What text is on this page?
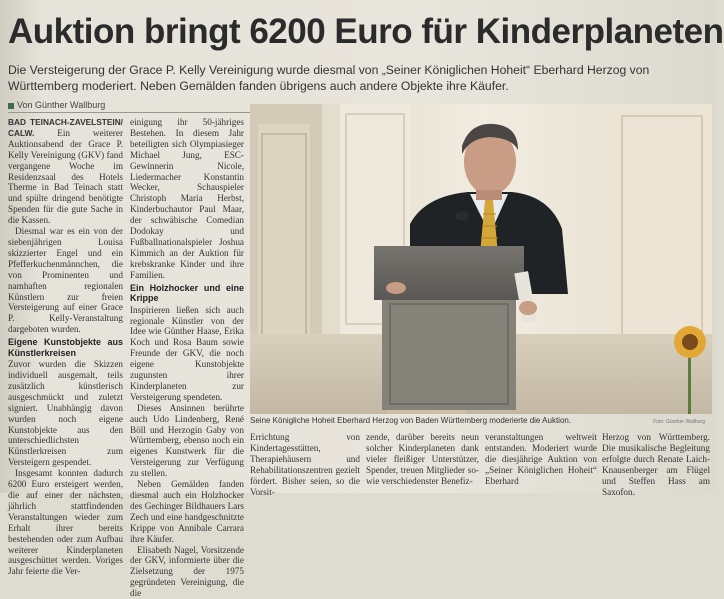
Auktion bringt 6200 Euro für Kinderplaneten
Die Versteigerung der Grace P. Kelly Vereinigung wurde diesmal von „Seiner Königlichen Hoheit“ Eberhard Herzog von Württemberg moderiert. Neben Gemälden fanden übrigens auch andere Objekte ihre Käufer.
Von Günther Wallburg

BAD TEINACH-ZAVELSTEIN/ CALW. Ein weiterer Auktionsabend der Grace P. Kelly Vereinigung (GKV) fand vergangene Woche im Residenzsaal des Hotels Therme in Bad Teinach statt und spülte dringend benötigte Spenden für die gute Sache in die Kassen.

Diesmal war es ein von der siebenjährigen Louisa skizzierter Engel und ein Pfefferkuchenmännchen, die von Prominenten und namhaften regionalen Künstlern zur freien Versteigerung auf einer Grace P. Kelly-Veranstaltung dargeboten wurden.

Eigene Kunstobjekte aus Künstlerkreisen

Zuvor wurden die Skizzen individuell ausgemalt, teils zusätzlich künstlerisch ausgeschmückt und zuletzt signiert. Unabhängig davon wurden noch eigene Kunstobjekte aus den unterschiedlichsten Künstlerkreisen zum Versteigern gespendet.

Insgesamt konnten dadurch 6200 Euro ersteigert werden, die auf einer der nächsten, jährlich stattfindenden Veranstaltungen wieder zum Erhalt ihrer bereits bestehenden oder zum Aufbau weiterer Kinderplaneten ausgeschüttet werden. Voriges Jahr feierte die Ver-

einigung ihr 50-jähriges Bestehen. In diesem Jahr beteiligten sich Olympiasieger Michael Jung, ESC-Gewinnerin Nicole, Liedermacher Konstantin Wecker, Schauspieler Christoph Maria Herbst, Kinderbuchautor Paul Maar, der schwäbische Comedian Dodokay und Fußballnationalspieler Joshua Kimmich an der Auktion für krebskranke Kinder und ihre Familien.

Ein Holzhocker und eine Krippe

Inspirieren ließen sich auch regionale Künstler von der Idee wie Günther Haase, Erika Koch und Rosa Baum sowie Freunde der GKV, die noch eigene Kunstobjekte zugunsten ihrer Kinderplaneten zur Versteigerung spendeten.

Dieses Ansinnen berührte auch Udo Lindenberg, René Böll und Herzogin Gaby von Württemberg, ebenso noch ein eigenes Kunstwerk für die Versteigerung zur Verfügung zu stellen.

Neben Gemälden fanden diesmal auch ein Holzhocker des Gechinger Bildhauers Lars Zech und eine handgeschnitzte Krippe von Annibale Carrara ihre Käufer.

Elisabeth Nagel, Vorsitzende der GKV, informierte über die Zielsetzung der 1975 gegründeten Vereinigung, die die

Seine Königliche Hoheit Eberhard Herzog von Baden Württemberg moderierte die Auktion.	Foto: Günther Wallburg

Errichtung von Kindertagesstätten, Therapiehäusern und Rehabilitationszentren gezielt fördert. Bisher seien, so die Vorsit-

zende, darüber bereits neun solcher Kinderplaneten dank vieler fleißiger Unterstützer, Spender, treuen Mitglieder so- wie verschiedenster Benefiz-

veranstaltungen weltweit entstanden. Moderiert wurde die diesjährige Auktion von „Seiner Königlichen Hoheit“ Eberhard

Herzog von Württemberg. Die musikalische Begleitung erfolgte durch Renate Laich-Knausenberger am Flügel und Steffen Hass am Saxofon.
